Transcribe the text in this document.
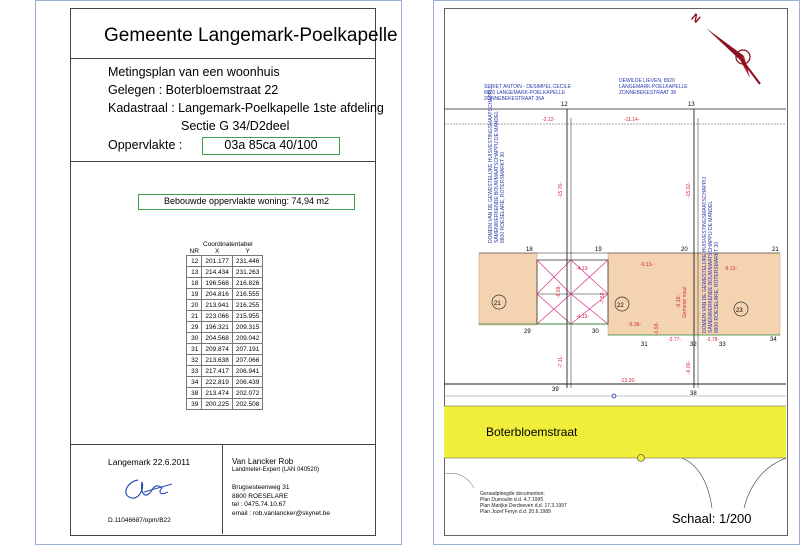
Gemeente Langemark-Poelkapelle
Metingsplan van een woonhuis
Gelegen : Boterbloemstraat 22
Kadastraal : Langemark-Poelkapelle 1ste afdeling
Sectie G 34/D2deel
Oppervlakte :	03a 85ca 40/100
Bebouwde oppervlakte woning: 74,94 m2
Coordinatentabel
NR	X	Y
12	201.177	231.446
13	214.434	231.263
18	196.568	216.826
19	204.816	216.555
20	213.941	216.255
21	223.066	215.955
29	196.321	209.315
30	204.568	209.042
31	209.874	207.191
32	213.638	207.066
33	217.417	206.941
34	222.819	206.439
38	213.474	202.072
39	200.225	202.508
Langemark 22.6.2011
D.11046687/opm/B22
Van Lancker Rob
Landmeter-Expert (LAN 040520)
Brugsesteenweg 31
8800 ROESELARE
tel : 0475.74.10.67
email : rob.vanlancker@skynet.be
N
SPRIET ANTOIN - DESIMPEL CECILE
8920 LANGEMARK-POELKAPELLE
ZONNEBEKESTRAAT 36A
DEWILDE LIEVEN, 8920
LANGEMARK-POELKAPELLE
ZONNEBEKESTRAAT 38
Boterbloemstraat
21	22
23
12	13
18	19	20	21
29	30
31	32	33
34
38
39
-2.12-	-11.14-
-15.76-	-15.02-
-6.59-
-4.13-
-4.13-
-9.13-
-7.52-
-9.13-
-5.36-
-6.19-
-3.77-	-3.78-
-1.93-
-7.11-	-6.00-
-13.26-
Gemene muur
DOMEIN VAN DE GEWESTELIJKE HUISVESTINGSMAATSCHAPPIJ SAMENWERKENDE BOUWMAATSCHAPPIJ DE MANDEL 8800 ROESELARE, ROTERSMARKT 30	DOMEIN VAN DE GEWESTELIJKE HUISVESTINGSMAATSCHAPPIJ SAMENWERKENDE BOUWMAATSCHAPPIJ DE MANDEL 8800 ROESELARE, ROTERSMARKT 30
Geraadpleegde documenten:
Plan Dumoulin d.d. 4.7.1995
Plan Marijke Derdoeven d.d. 17.3.1997
Plan Jozef Feryn d.d. 20.6.1989	Schaal: 1/200
